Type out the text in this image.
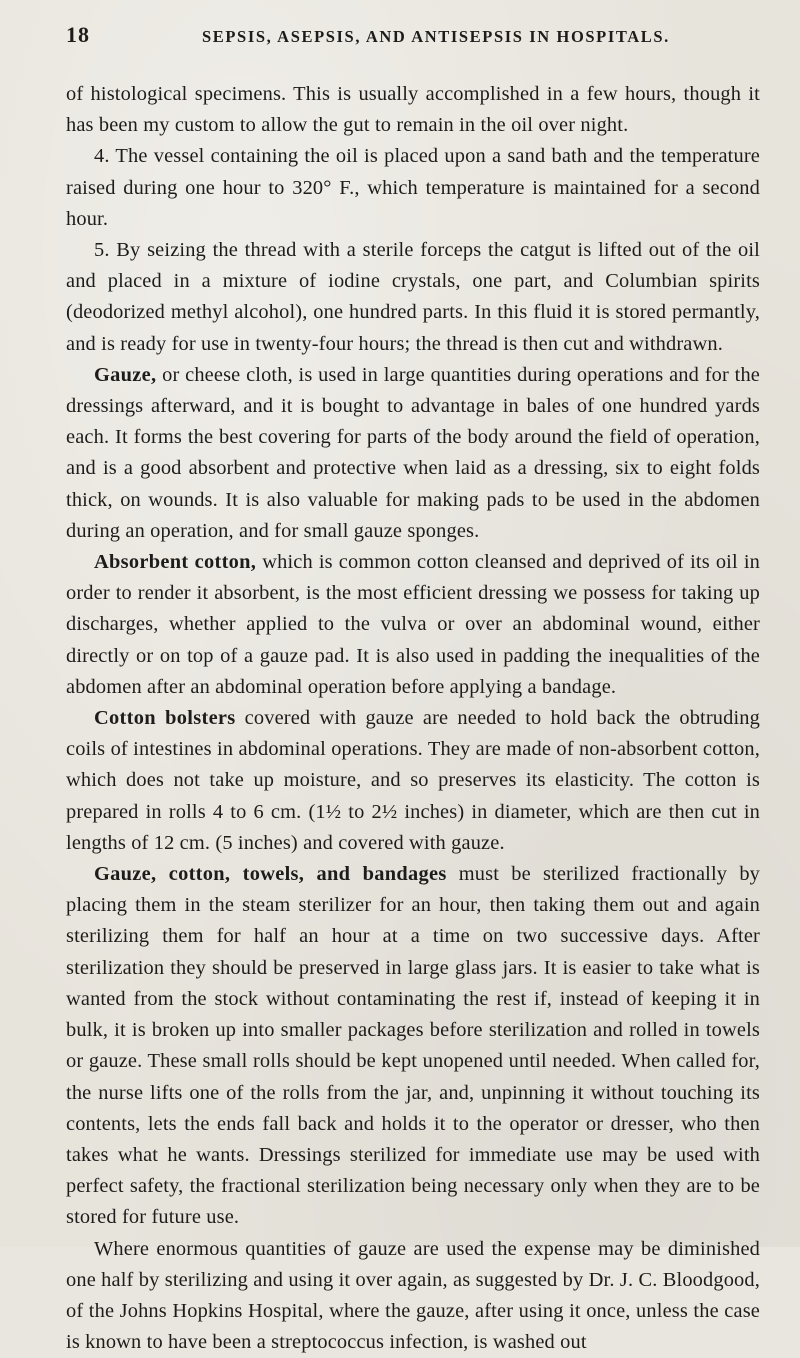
18	SEPSIS, ASEPSIS, AND ANTISEPSIS IN HOSPITALS.

of histological specimens. This is usually accomplished in a few hours, though it has been my custom to allow the gut to remain in the oil over night.

4. The vessel containing the oil is placed upon a sand bath and the temperature raised during one hour to 320° F., which temperature is maintained for a second hour.

5. By seizing the thread with a sterile forceps the catgut is lifted out of the oil and placed in a mixture of iodine crystals, one part, and Columbian spirits (deodorized methyl alcohol), one hundred parts. In this fluid it is stored permantly, and is ready for use in twenty-four hours; the thread is then cut and withdrawn.

Gauze, or cheese cloth, is used in large quantities during operations and for the dressings afterward, and it is bought to advantage in bales of one hundred yards each. It forms the best covering for parts of the body around the field of operation, and is a good absorbent and protective when laid as a dressing, six to eight folds thick, on wounds. It is also valuable for making pads to be used in the abdomen during an operation, and for small gauze sponges.

Absorbent cotton, which is common cotton cleansed and deprived of its oil in order to render it absorbent, is the most efficient dressing we possess for taking up discharges, whether applied to the vulva or over an abdominal wound, either directly or on top of a gauze pad. It is also used in padding the inequalities of the abdomen after an abdominal operation before applying a bandage.

Cotton bolsters covered with gauze are needed to hold back the obtruding coils of intestines in abdominal operations. They are made of non-absorbent cotton, which does not take up moisture, and so preserves its elasticity. The cotton is prepared in rolls 4 to 6 cm. (1½ to 2½ inches) in diameter, which are then cut in lengths of 12 cm. (5 inches) and covered with gauze.

Gauze, cotton, towels, and bandages must be sterilized fractionally by placing them in the steam sterilizer for an hour, then taking them out and again sterilizing them for half an hour at a time on two successive days. After sterilization they should be preserved in large glass jars. It is easier to take what is wanted from the stock without contaminating the rest if, instead of keeping it in bulk, it is broken up into smaller packages before sterilization and rolled in towels or gauze. These small rolls should be kept unopened until needed. When called for, the nurse lifts one of the rolls from the jar, and, unpinning it without touching its contents, lets the ends fall back and holds it to the operator or dresser, who then takes what he wants. Dressings sterilized for immediate use may be used with perfect safety, the fractional sterilization being necessary only when they are to be stored for future use.

Where enormous quantities of gauze are used the expense may be diminished one half by sterilizing and using it over again, as suggested by Dr. J. C. Bloodgood, of the Johns Hopkins Hospital, where the gauze, after using it once, unless the case is known to have been a streptococcus infection, is washed out
